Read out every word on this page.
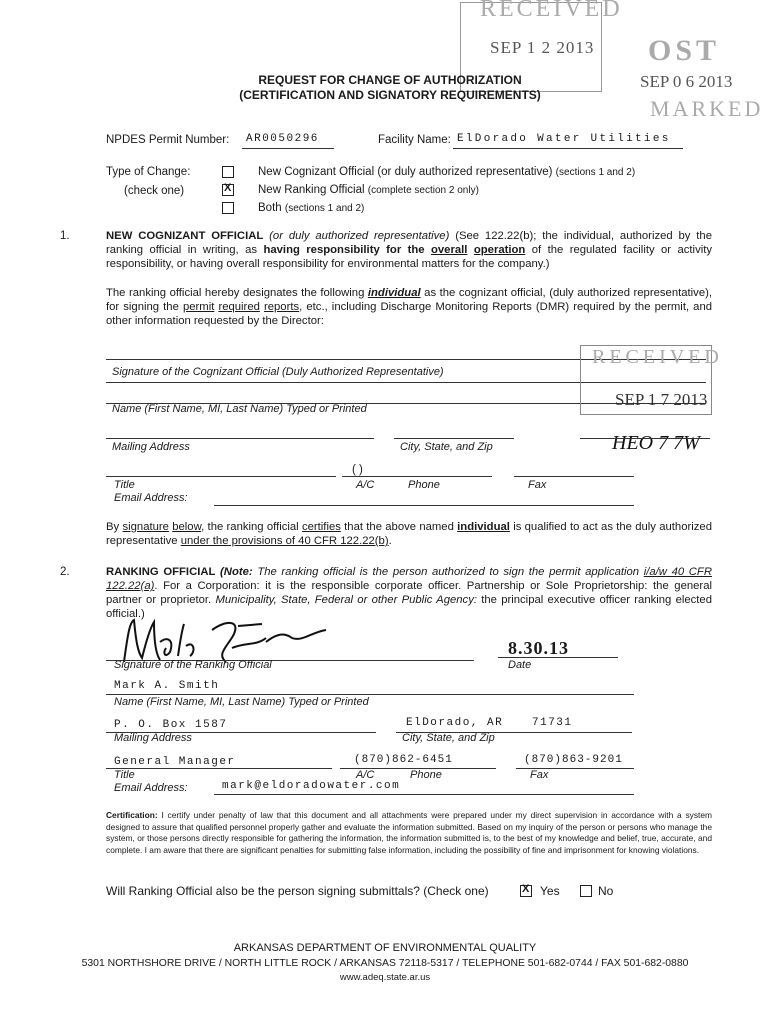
RECEIVED
SEP 1 2 2013 OST
SEP 0 6 2013
MARKED
REQUEST FOR CHANGE OF AUTHORIZATION
(CERTIFICATION AND SIGNATORY REQUIREMENTS)
NPDES Permit Number: AR0050296	Facility Name: ElDorado Water Utilities
Type of Change:
(check one)
New Cognizant Official (or duly authorized representative) (sections 1 and 2)
X
New Ranking Official (complete section 2 only)
Both (sections 1 and 2)
1.	NEW COGNIZANT OFFICIAL (or duly authorized representative) (See 122.22(b); the individual, authorized by the ranking official in writing, as having responsibility for the overall operation of the regulated facility or activity responsibility, or having overall responsibility for environmental matters for the company.)
The ranking official hereby designates the following individual as the cognizant official, (duly authorized representative), for signing the permit required reports, etc., including Discharge Monitoring Reports (DMR) required by the permit, and other information requested by the Director:
Signature of the Cognizant Official (Duly Authorized Representative)
Name (First Name, MI, Last Name) Typed or Printed
RECEIVED
SEP 1 7 2013
HEO 7 7W
Mailing Address	City, State, and Zip
( )
Title	A/C	Phone	Fax
Email Address:
By signature below, the ranking official certifies that the above named individual is qualified to act as the duly authorized representative under the provisions of 40 CFR 122.22(b).
2.	RANKING OFFICIAL (Note: The ranking official is the person authorized to sign the permit application i/a/w 40 CFR 122.22(a). For a Corporation: it is the responsible corporate officer. Partnership or Sole Proprietorship: the general partner or proprietor. Municipality, State, Federal or other Public Agency: the principal executive officer ranking elected official.)
Signature of the Ranking Official
8.30.13
Date
Mark A. Smith
Name (First Name, MI, Last Name) Typed or Printed
P. O. Box 1587	ElDorado, AR	71731
Mailing Address	City, State, and Zip
General Manager	(870)862-6451	(870)863-9201
Title	A/C	Phone	Fax
Email Address:	mark@eldoradowater.com
Certification: I certify under penalty of law that this document and all attachments were prepared under my direct supervision in accordance with a system designed to assure that qualified personnel properly gather and evaluate the information submitted. Based on my inquiry of the person or persons who manage the system, or those persons directly responsible for gathering the information, the information submitted is, to the best of my knowledge and belief, true, accurate, and complete. I am aware that there are significant penalties for submitting false information, including the possibility of fine and imprisonment for knowing violations.
Will Ranking Official also be the person signing submittals? (Check one)
X	Yes	No
ARKANSAS DEPARTMENT OF ENVIRONMENTAL QUALITY
5301 NORTHSHORE DRIVE / NORTH LITTLE ROCK / ARKANSAS 72118-5317 / TELEPHONE 501-682-0744 / FAX 501-682-0880
www.adeq.state.ar.us
